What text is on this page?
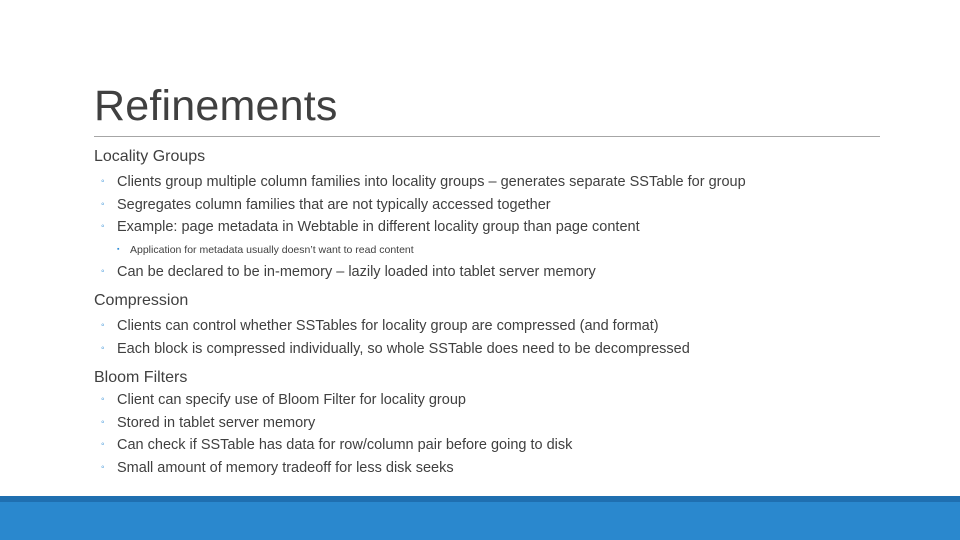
Refinements
Locality Groups
◦ Clients group multiple column families into locality groups – generates separate SSTable for group
◦ Segregates column families that are not typically accessed together
◦ Example: page metadata in Webtable in different locality group than page content
▪ Application for metadata usually doesn’t want to read content
◦ Can be declared to be in-memory – lazily loaded into tablet server memory
Compression
◦ Clients can control whether SSTables for locality group are compressed (and format)
◦ Each block is compressed individually, so whole SSTable does need to be decompressed
Bloom Filters
◦ Client can specify use of Bloom Filter for locality group
◦ Stored in tablet server memory
◦ Can check if SSTable has data for row/column pair before going to disk
◦ Small amount of memory tradeoff for less disk seeks
